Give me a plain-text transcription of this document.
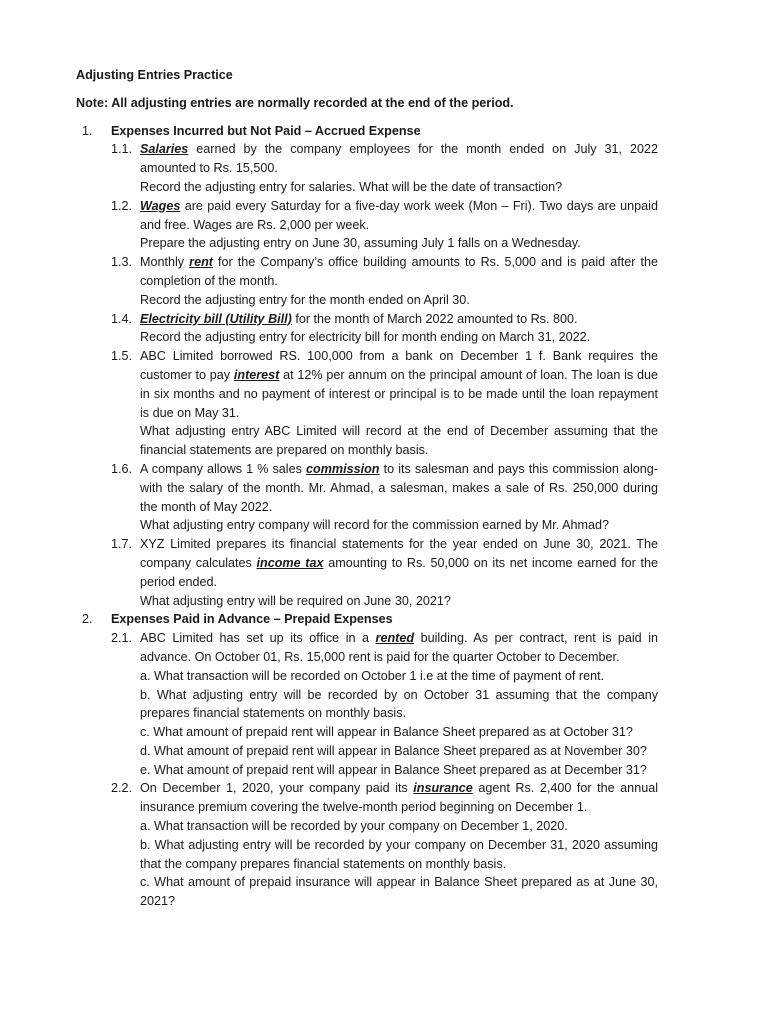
Adjusting Entries Practice

Note: All adjusting entries are normally recorded at the end of the period.

1.	Expenses Incurred but Not Paid – Accrued Expense
1.1. Salaries earned by the company employees for the month ended on July 31, 2022 amounted to Rs. 15,500.

Record the adjusting entry for salaries. What will be the date of transaction?

1.2. Wages are paid every Saturday for a five-day work week (Mon – Fri). Two days are unpaid and free. Wages are Rs. 2,000 per week.

Prepare the adjusting entry on June 30, assuming July 1 falls on a Wednesday.

1.3. Monthly rent for the Company’s office building amounts to Rs. 5,000 and is paid after the completion of the month.

Record the adjusting entry for the month ended on April 30.

1.4. Electricity bill (Utility Bill) for the month of March 2022 amounted to Rs. 800.

Record the adjusting entry for electricity bill for month ending on March 31, 2022.

1.5. ABC Limited borrowed RS. 100,000 from a bank on December 1 f. Bank requires the customer to pay interest at 12% per annum on the principal amount of loan. The loan is due in six months and no payment of interest or principal is to be made until the loan repayment is due on May 31.

What adjusting entry ABC Limited will record at the end of December assuming that the financial statements are prepared on monthly basis.

1.6. A company allows 1 % sales commission to its salesman and pays this commission along-with the salary of the month. Mr. Ahmad, a salesman, makes a sale of Rs. 250,000 during the month of May 2022.

What adjusting entry company will record for the commission earned by Mr. Ahmad?

1.7. XYZ Limited prepares its financial statements for the year ended on June 30, 2021. The company calculates income tax amounting to Rs. 50,000 on its net income earned for the period ended.

What adjusting entry will be required on June 30, 2021?

2.	Expenses Paid in Advance – Prepaid Expenses
2.1. ABC Limited has set up its office in a rented building. As per contract, rent is paid in advance. On October 01, Rs. 15,000 rent is paid for the quarter October to December.

a. What transaction will be recorded on October 1 i.e at the time of payment of rent.

b. What adjusting entry will be recorded by on October 31 assuming that the company prepares financial statements on monthly basis.

c. What amount of prepaid rent will appear in Balance Sheet prepared as at October 31?

d. What amount of prepaid rent will appear in Balance Sheet prepared as at November 30?

e. What amount of prepaid rent will appear in Balance Sheet prepared as at December 31?

2.2. On December 1, 2020, your company paid its insurance agent Rs. 2,400 for the annual insurance premium covering the twelve-month period beginning on December 1.

a. What transaction will be recorded by your company on December 1, 2020.

b. What adjusting entry will be recorded by your company on December 31, 2020 assuming that the company prepares financial statements on monthly basis.

c. What amount of prepaid insurance will appear in Balance Sheet prepared as at June 30, 2021?
